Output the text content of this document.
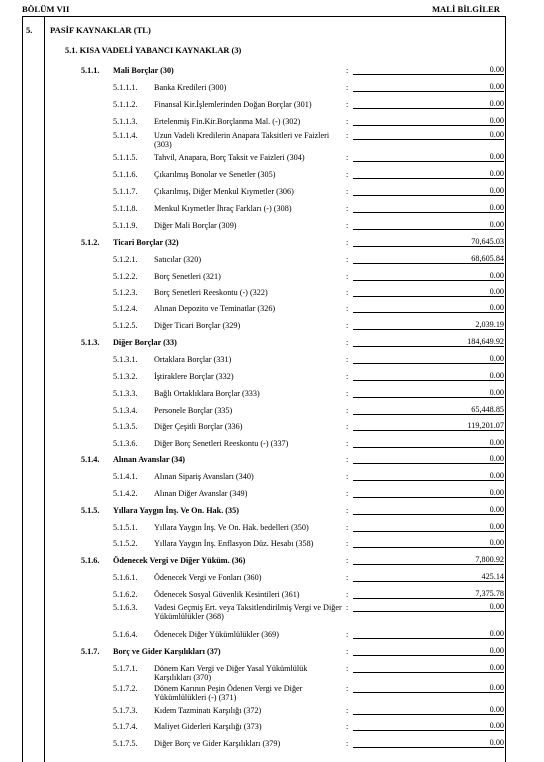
BÖLÜM VII	MALİ BİLGİLER
5. PASİF KAYNAKLAR (TL)
5.1. KISA VADELİ YABANCI KAYNAKLAR (3)
5.1.1. Mali Borçlar (30)	:	0.00
5.1.1.1. Banka Kredileri (300)	:	0.00
5.1.1.2. Finansal Kir.İşlemlerinden Doğan Borçlar (301)	:	0.00
5.1.1.3. Ertelenmiş Fin.Kir.Borçlanma Mal. (-) (302)	:	0.00
5.1.1.4. Uzun Vadeli Kredilerin Anapara Taksitleri ve Faizleri (303)
:	0.00
5.1.1.5. Tahvil, Anapara, Borç Taksit ve Faizleri (304)	:	0.00
5.1.1.6. Çıkarılmış Bonolar ve Senetler (305)	:	0.00
5.1.1.7. Çıkarılmış, Diğer Menkul Kıymetler (306)	:	0.00
5.1.1.8. Menkul Kıymetler İhraç Farkları (-) (308)	:	0.00
5.1.1.9. Diğer Mali Borçlar (309)	:	0.00
5.1.2. Ticari Borçlar (32)	:	70,645.03
5.1.2.1. Satıcılar (320)	:	68,605.84
5.1.2.2. Borç Senetleri (321)	:	0.00
5.1.2.3. Borç Senetleri Reeskontu (-) (322)	:	0.00
5.1.2.4. Alınan Depozito ve Teminatlar (326)	:	0.00
5.1.2.5. Diğer Ticari Borçlar (329)	:	2,039.19
5.1.3. Diğer Borçlar (33)	:	184,649.92
5.1.3.1. Ortaklara Borçlar (331)	:	0.00
5.1.3.2. İştiraklere Borçlar (332)	:	0.00
5.1.3.3. Bağlı Ortaklıklara Borçlar (333)	:	0.00
5.1.3.4. Personele Borçlar (335)	:	65,448.85
5.1.3.5. Diğer Çeşitli Borçlar (336)	:	119,201.07
5.1.3.6. Diğer Borç Senetleri Reeskontu (-) (337)	:	0.00
5.1.4. Alınan Avanslar (34)	:	0.00
5.1.4.1. Alınan Sipariş Avansları (340)	:	0.00
5.1.4.2. Alınan Diğer Avanslar (349)	:	0.00
5.1.5. Yıllara Yaygın İnş. Ve On. Hak. (35)	:	0.00
5.1.5.1. Yıllara Yaygın İnş. Ve On. Hak. bedelleri (350)	:	0.00
5.1.5.2. Yıllara Yaygın İnş. Enflasyon Düz. Hesabı (358)	:	0.00
5.1.6. Ödenecek Vergi ve Diğer Yüküm. (36)	:	7,800.92
5.1.6.1. Ödenecek Vergi ve Fonları (360)	:	425.14
5.1.6.2. Ödenecek Sosyal Güvenlik Kesintileri (361)	:	7,375.78
5.1.6.3. Vadesi Geçmiş Ert. veya Taksitlendirilmiş Vergi ve Diğer Yükümlülükler (368)
:	0.00
5.1.6.4. Ödenecek Diğer Yükümlülükler (369)	:	0.00
5.1.7. Borç ve Gider Karşılıkları (37)	:	0.00
5.1.7.1. Dönem Karı Vergi ve Diğer Yasal Yükümlülük Karşılıkları (370)
:	0.00
5.1.7.2. Dönem Karının Peşin Ödenen Vergi ve Diğer Yükümlülükleri (-) (371)
:	0.00
5.1.7.3. Kıdem Tazminatı Karşılığı (372)	:	0.00
5.1.7.4. Maliyet Giderleri Karşılığı (373)	:	0.00
5.1.7.5. Diğer Borç ve Gider Karşılıkları (379)	:	0.00
